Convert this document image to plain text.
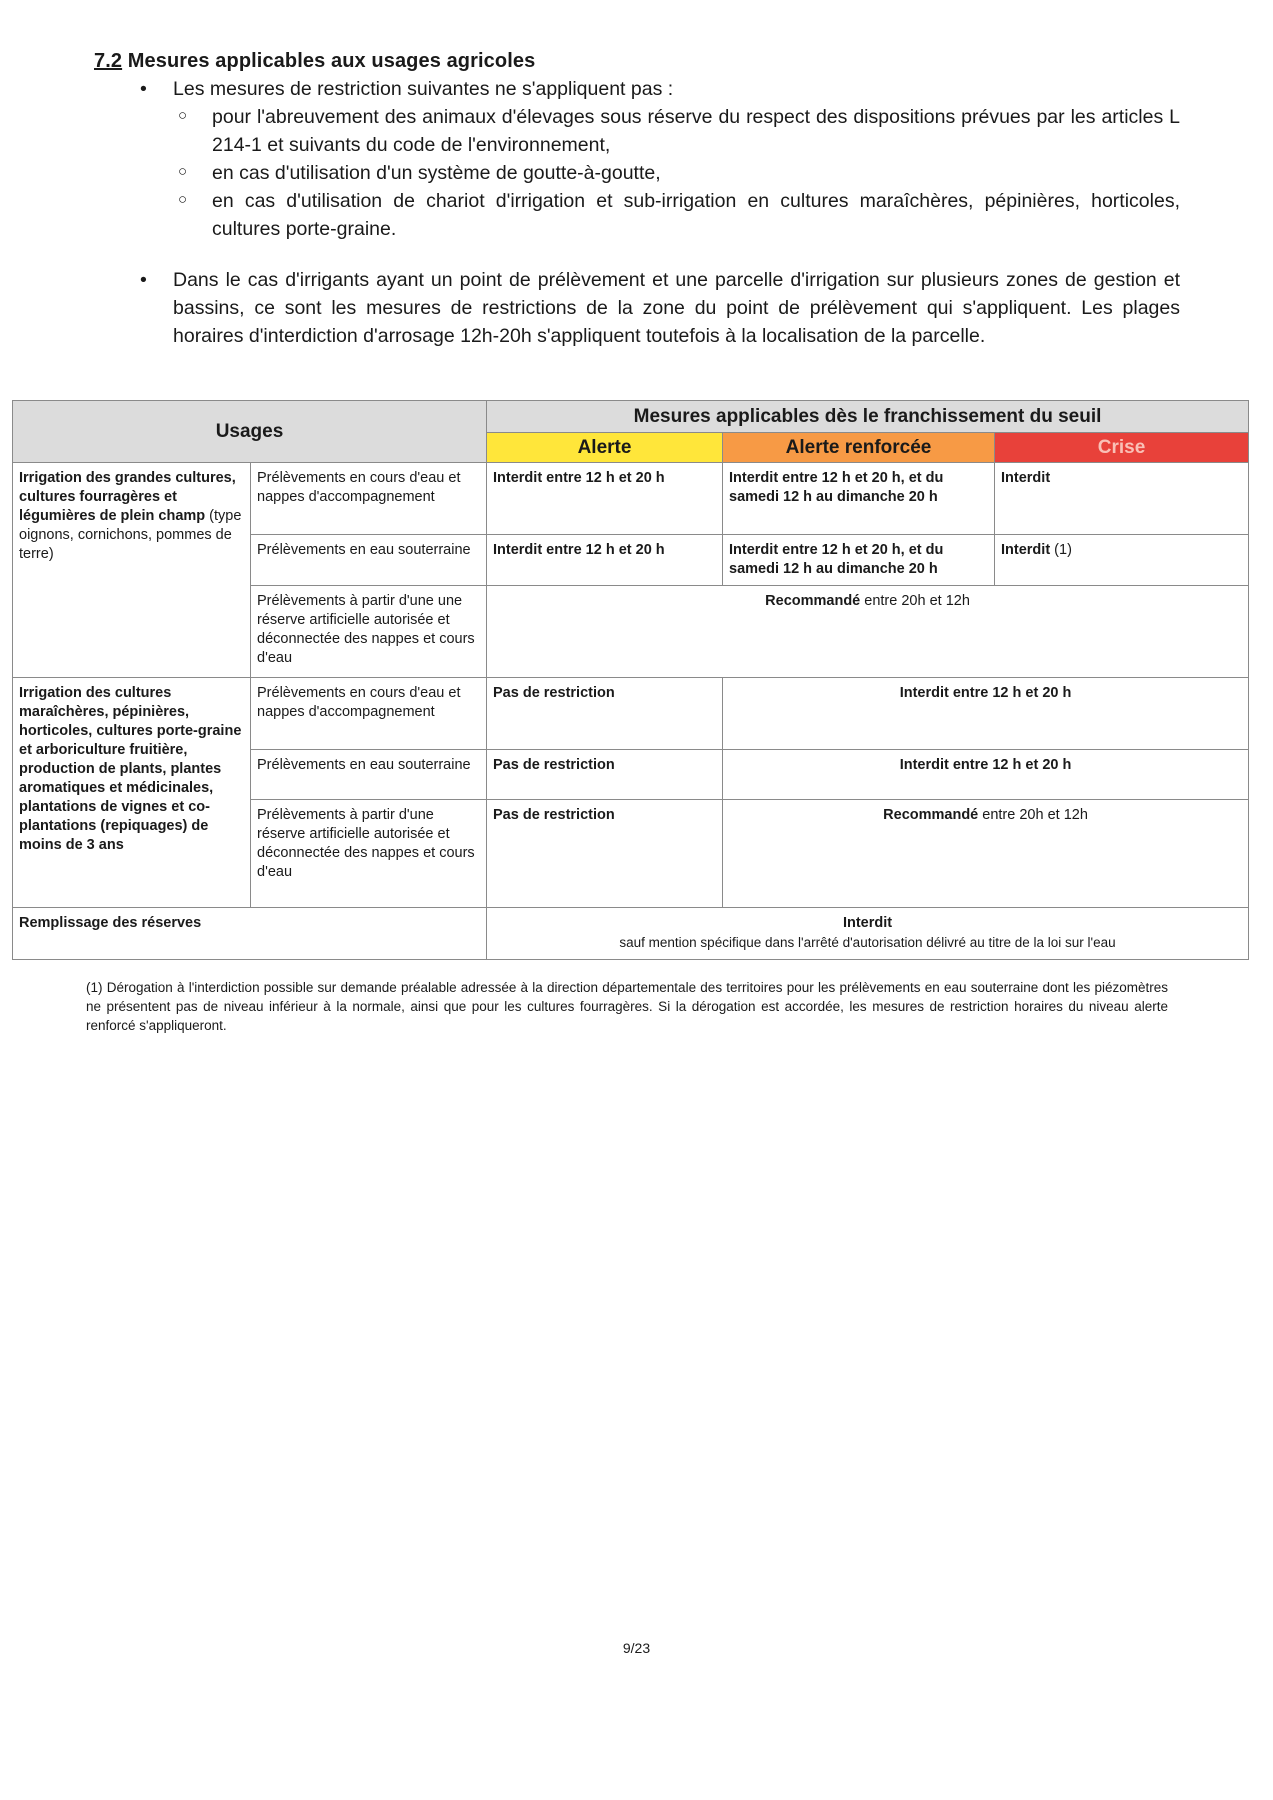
7.2 Mesures applicables aux usages agricoles
• Les mesures de restriction suivantes ne s'appliquent pas :
○ pour l'abreuvement des animaux d'élevages sous réserve du respect des dispositions prévues par les articles L 214-1 et suivants du code de l'environnement,
○ en cas d'utilisation d'un système de goutte-à-goutte,
○ en cas d'utilisation de chariot d'irrigation et sub-irrigation en cultures maraîchères, pépinières, horticoles, cultures porte-graine.
• Dans le cas d'irrigants ayant un point de prélèvement et une parcelle d'irrigation sur plusieurs zones de gestion et bassins, ce sont les mesures de restrictions de la zone du point de prélèvement qui s'appliquent. Les plages horaires d'interdiction d'arrosage 12h-20h s'appliquent toutefois à la localisation de la parcelle.
Usages		Mesures applicables dès le franchissement du seuil		
		Alerte	Alerte renforcée	Crise
Irrigation des grandes cultures, cultures fourragères et légumières de plein champ (type oignons, cornichons, pommes de terre)	Prélèvements en cours d'eau et nappes d'accompagnement	Interdit entre 12 h et 20 h	Interdit entre 12 h et 20 h, et du samedi 12 h au dimanche 20 h	Interdit
	Prélèvements en eau souterraine	Interdit entre 12 h et 20 h	Interdit entre 12 h et 20 h, et du samedi 12 h au dimanche 20 h	Interdit (1)
	Prélèvements à partir d'une une réserve artificielle autorisée et déconnectée des nappes et cours d'eau	Recommandé entre 20h et 12h		
Irrigation des cultures maraîchères, pépinières, horticoles, cultures porte-graine et arboriculture fruitière, production de plants, plantes aromatiques et médicinales, plantations de vignes et co-plantations (repiquages) de moins de 3 ans	Prélèvements en cours d'eau et nappes d'accompagnement	Pas de restriction	Interdit entre 12 h et 20 h	
	Prélèvements en eau souterraine	Pas de restriction	Interdit entre 12 h et 20 h	
	Prélèvements à partir d'une réserve artificielle autorisée et déconnectée des nappes et cours d'eau	Pas de restriction	Recommandé entre 20h et 12h	
Remplissage des réserves		Interdit
sauf mention spécifique dans l'arrêté d'autorisation délivré au titre de la loi sur l'eau		
(1) Dérogation à l'interdiction possible sur demande préalable adressée à la direction départementale des territoires pour les prélèvements en eau souterraine dont les piézomètres ne présentent pas de niveau inférieur à la normale, ainsi que pour les cultures fourragères. Si la dérogation est accordée, les mesures de restriction horaires du niveau alerte renforcé s'appliqueront.
9/23
